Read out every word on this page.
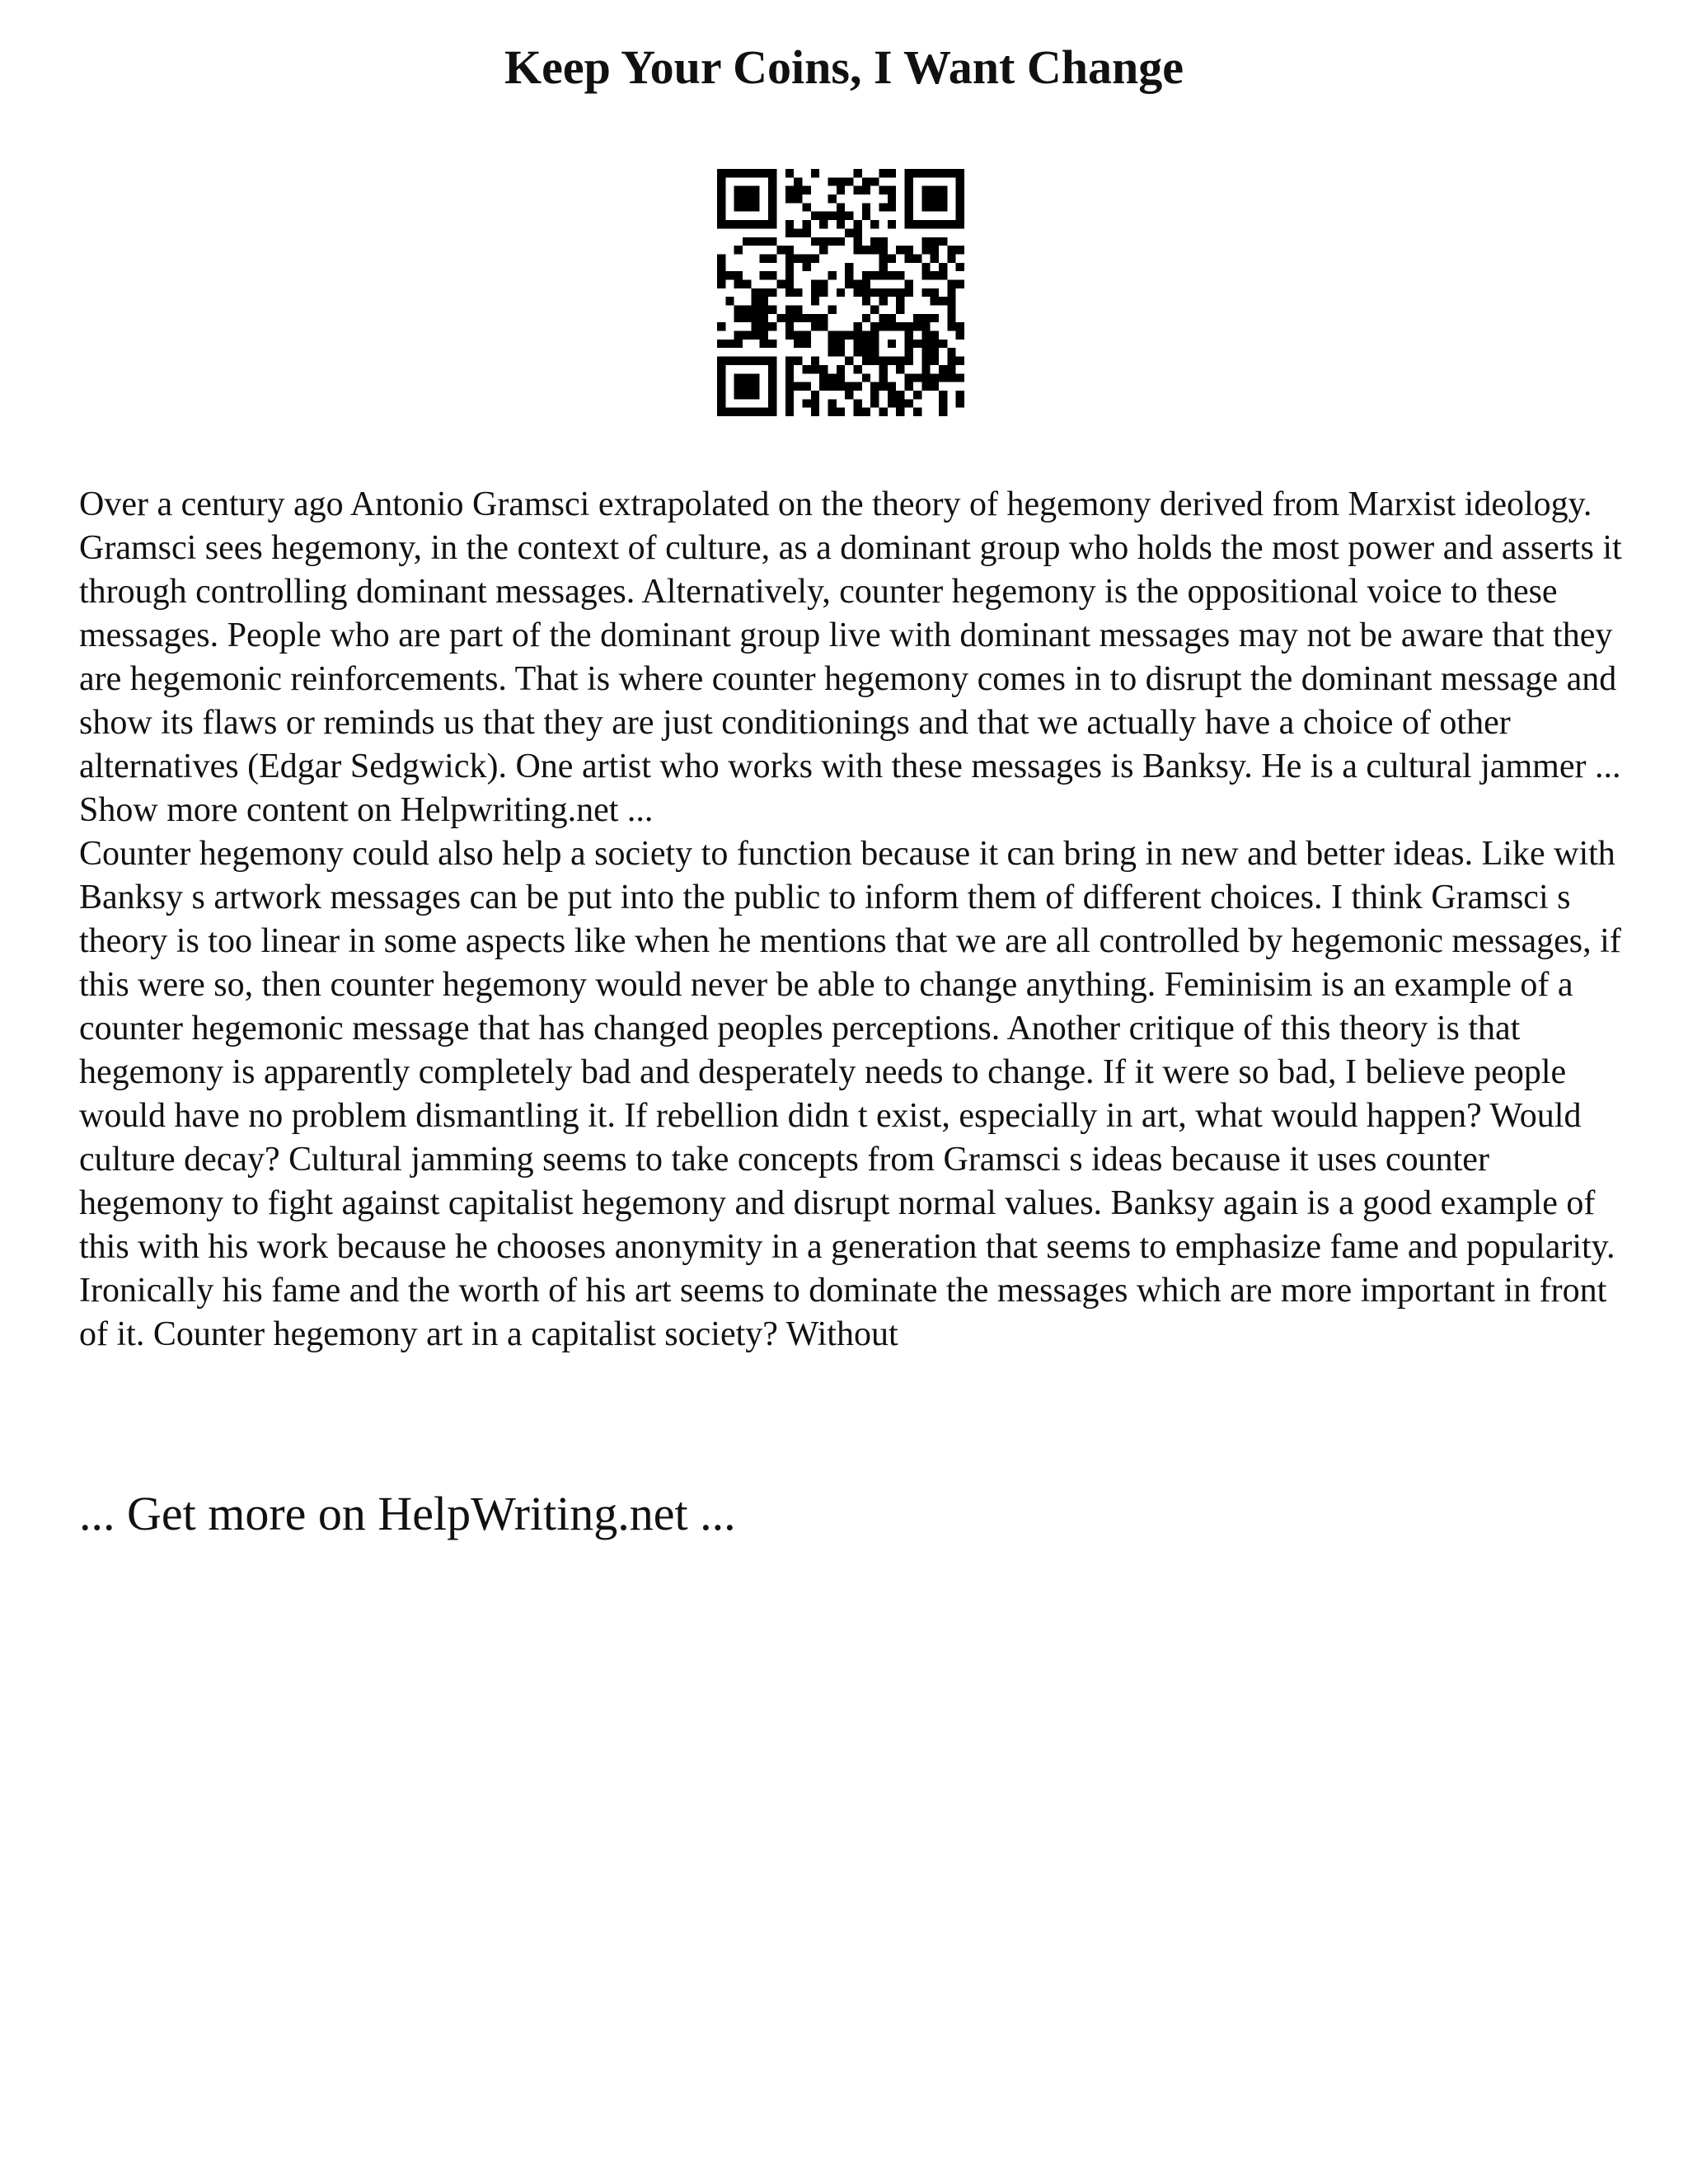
Keep Your Coins, I Want Change

Over a century ago Antonio Gramsci extrapolated on the theory of hegemony derived from Marxist ideology. Gramsci sees hegemony, in the context of culture, as a dominant group who holds the most power and asserts it through controlling dominant messages. Alternatively, counter hegemony is the oppositional voice to these messages. People who are part of the dominant group live with dominant messages may not be aware that they are hegemonic reinforcements. That is where counter hegemony comes in to disrupt the dominant message and show its flaws or reminds us that they are just conditionings and that we actually have a choice of other alternatives (Edgar Sedgwick). One artist who works with these messages is Banksy. He is a cultural jammer ... Show more content on Helpwriting.net ...

Counter hegemony could also help a society to function because it can bring in new and better ideas. Like with Banksy s artwork messages can be put into the public to inform them of different choices. I think Gramsci s theory is too linear in some aspects like when he mentions that we are all controlled by hegemonic messages, if this were so, then counter hegemony would never be able to change anything. Feminisim is an example of a counter hegemonic message that has changed peoples perceptions. Another critique of this theory is that hegemony is apparently completely bad and desperately needs to change. If it were so bad, I believe people would have no problem dismantling it. If rebellion didn t exist, especially in art, what would happen? Would culture decay? Cultural jamming seems to take concepts from Gramsci s ideas because it uses counter hegemony to fight against capitalist hegemony and disrupt normal values. Banksy again is a good example of this with his work because he chooses anonymity in a generation that seems to emphasize fame and popularity. Ironically his fame and the worth of his art seems to dominate the messages which are more important in front of it. Counter hegemony art in a capitalist society? Without

... Get more on HelpWriting.net ...
